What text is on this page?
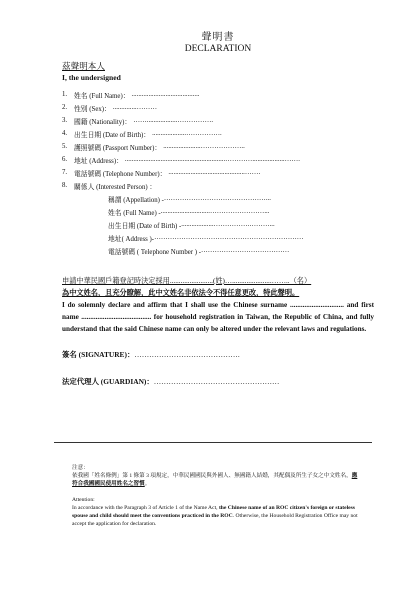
聲明書
DECLARATION
茲聲明本人
I, the undersigned
1.	姓名 (Full Name)： ........................................
2.	性別 (Sex)： ..............………
3.	國籍 (Nationality)： ……..................…………….
4.	出生日期 (Date of Birth)： ....................…………….
5.	護照號碼 (Passport Number)： ......................………………..
6.	地址 (Address)： ...........................................................…………...................…….
7.	電話號碼 (Telephone Number)： .............................................…….
8.	關係人 (Interested Person) ：
稱謂 (Appellation) - ………………………………………...
姓名 (Full Name) - .............................……………………...
出生日期 (Date of Birth) - ...................…………….………...
地址( Address )- …………………………………………………………
電話號碼 ( Telephone Number ) - …………………………………
申請中華民國戶籍登記時決定採用........................(姓)…......................……..（名）
為中文姓名，且充分瞭解，此中文姓名非依法令不得任意更改，特此聲明。
I do solemnly declare and affirm that I shall use the Chinese surname .............................. and first name ....................................... for household registration in Taiwan, the Republic of China, and fully understand that the said Chinese name can only be altered under the relevant laws and regulations.
簽名 (SIGNATURE)：…………………………………….
法定代理人 (GUARDIAN)：……………………………………………
注意：
依我國「姓名條例」第 1 條第 3 項規定，中華民國國民與外國人、無國籍人結婚，其配偶及所生子女之中文姓名，應符合我國國民使用姓名之習慣。
Attention:
In accordance with the Paragraph 3 of Article 1 of the Name Act, the Chinese name of an ROC citizen's foreign or stateless spouse and child should meet the conventions practiced in the ROC. Otherwise, the Household Registration Office may not accept the application for declaration.
